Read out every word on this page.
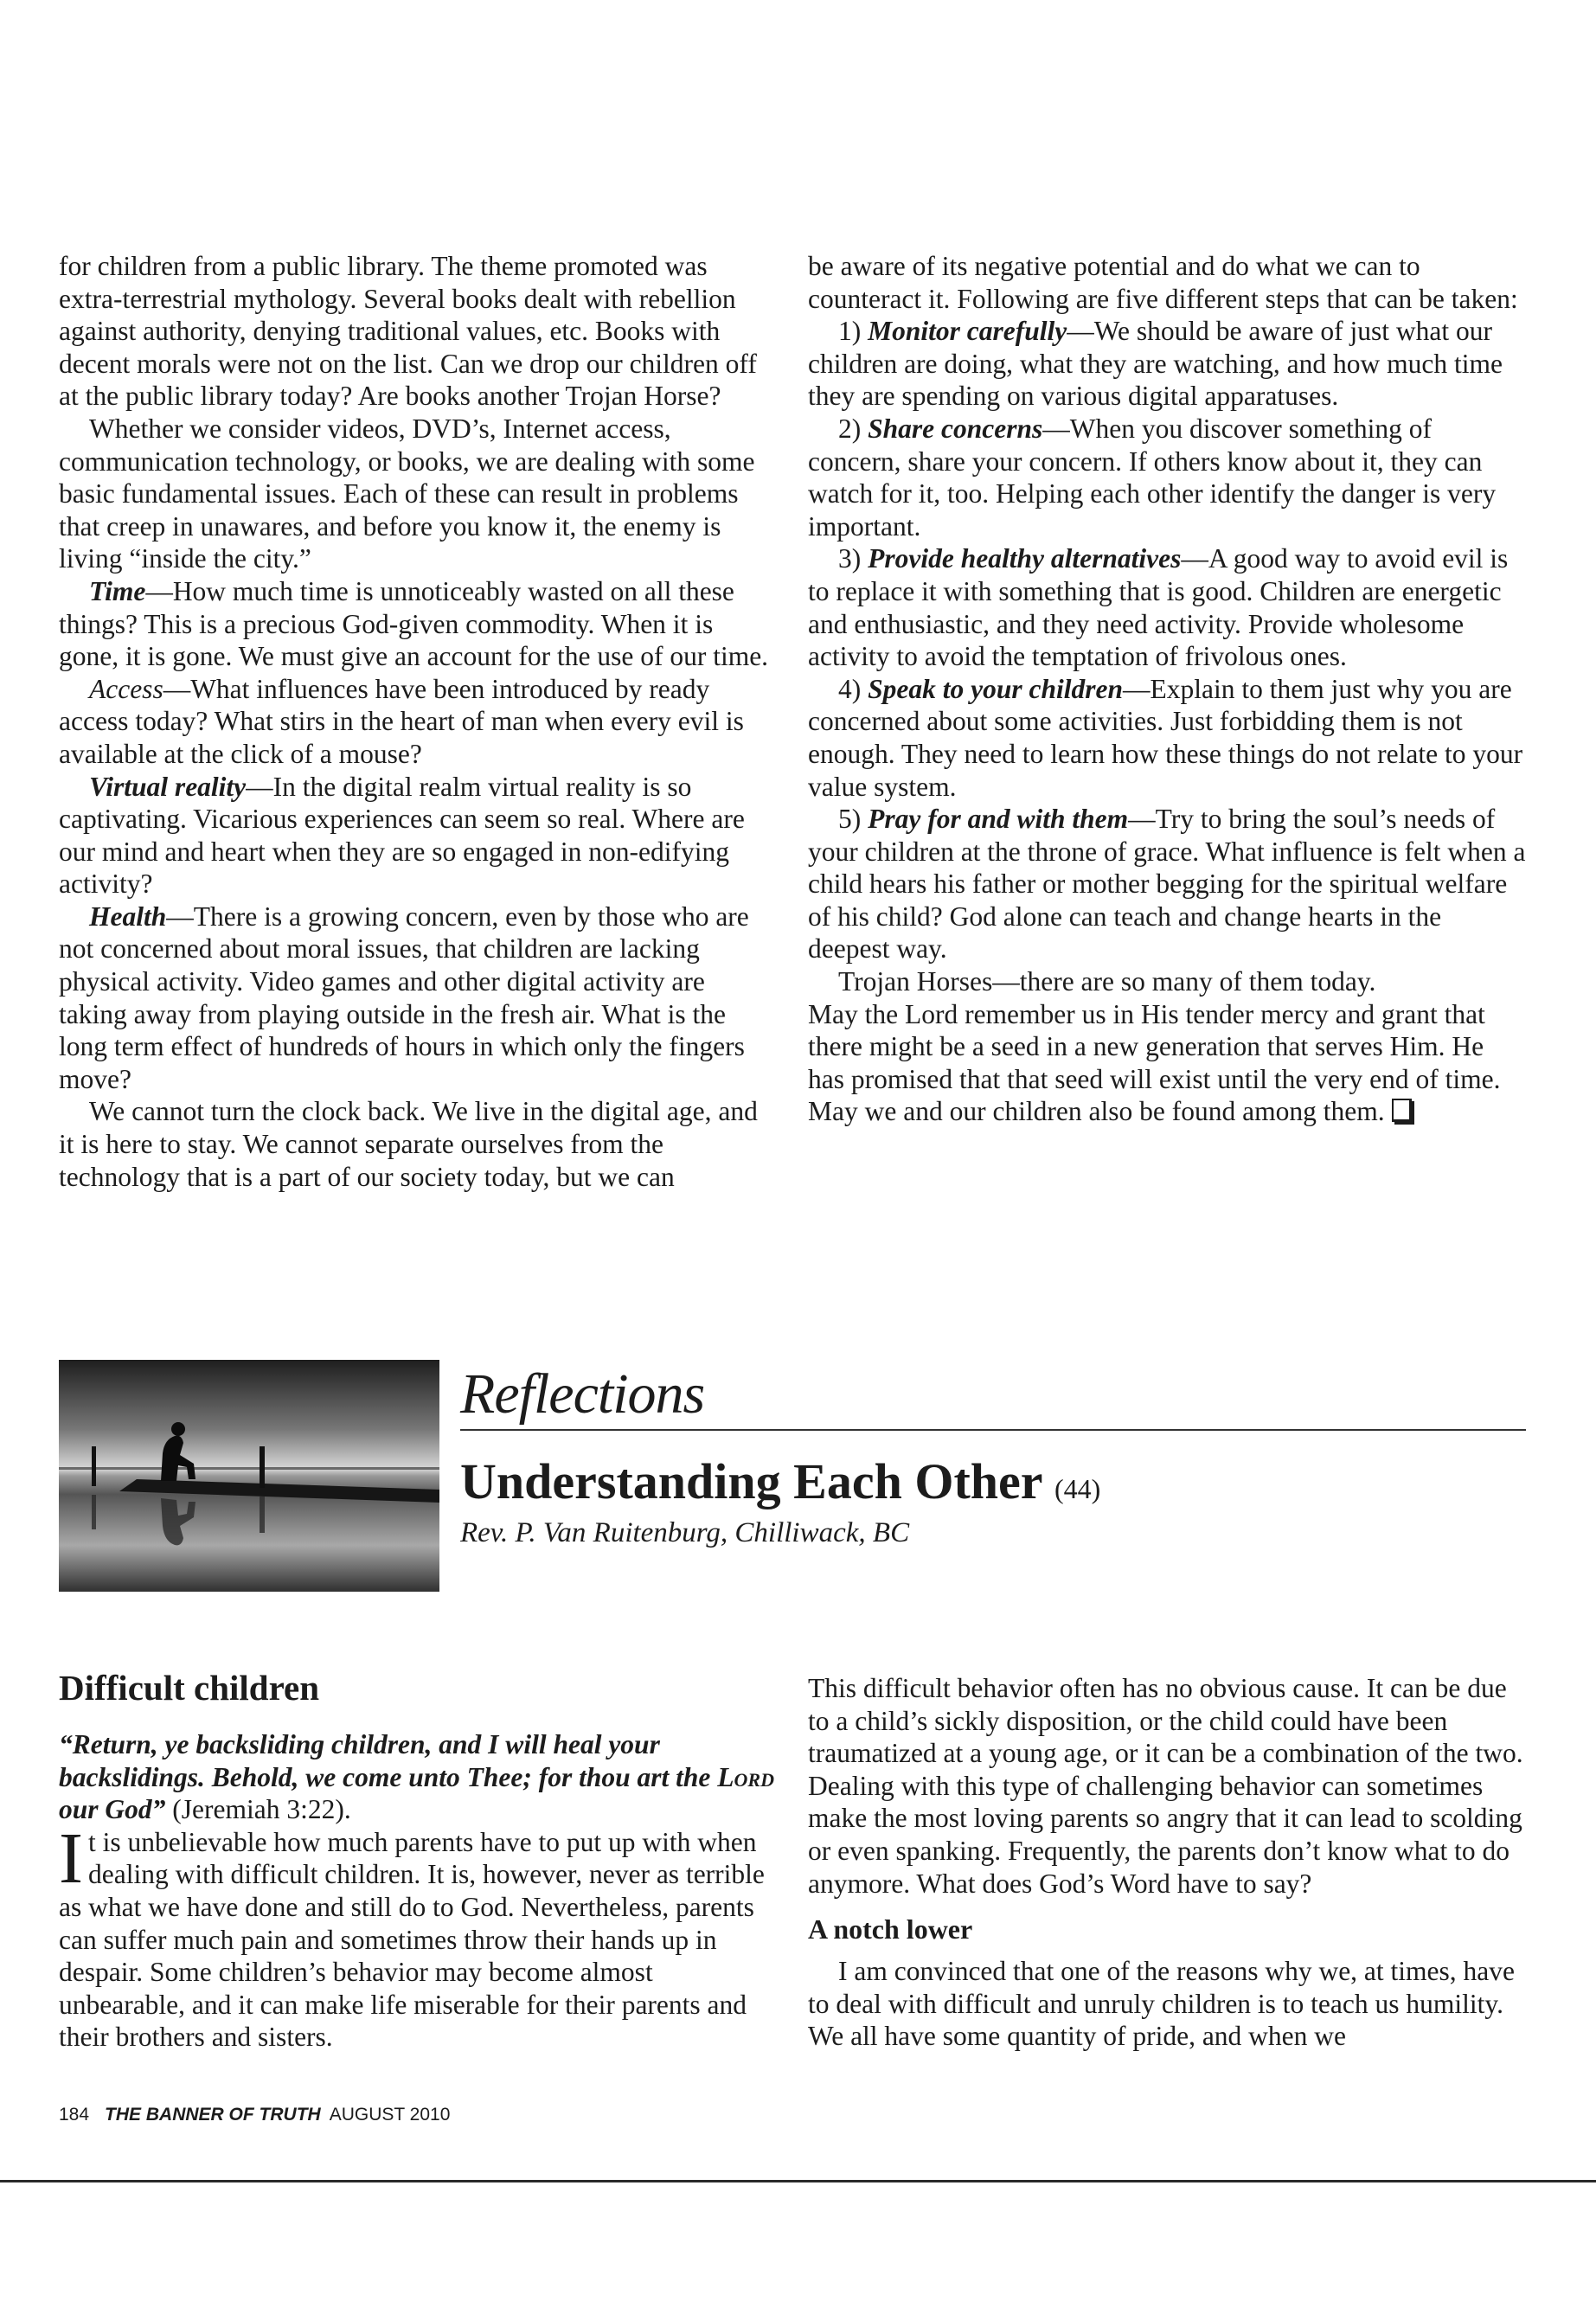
for children from a public library. The theme promoted was extra-terrestrial mythology. Several books dealt with rebellion against authority, denying traditional values, etc. Books with decent morals were not on the list. Can we drop our children off at the public library today? Are books another Trojan Horse?

Whether we consider videos, DVD’s, Internet access, communication technology, or books, we are dealing with some basic fundamental issues. Each of these can result in problems that creep in unawares, and before you know it, the enemy is living “inside the city.”

Time—How much time is unnoticeably wasted on all these things? This is a precious God-given commodity. When it is gone, it is gone. We must give an account for the use of our time.

Access—What influences have been introduced by ready access today? What stirs in the heart of man when every evil is available at the click of a mouse?

Virtual reality—In the digital realm virtual reality is so captivating. Vicarious experiences can seem so real. Where are our mind and heart when they are so engaged in non-edifying activity?

Health—There is a growing concern, even by those who are not concerned about moral issues, that children are lacking physical activity. Video games and other digital activity are taking away from playing outside in the fresh air. What is the long term effect of hundreds of hours in which only the fingers move?

We cannot turn the clock back. We live in the digital age, and it is here to stay. We cannot separate ourselves from the technology that is a part of our society today, but we can

be aware of its negative potential and do what we can to counteract it. Following are five different steps that can be taken:

1) Monitor carefully—We should be aware of just what our children are doing, what they are watching, and how much time they are spending on various digital apparatuses.

2) Share concerns—When you discover something of concern, share your concern. If others know about it, they can watch for it, too. Helping each other identify the danger is very important.

3) Provide healthy alternatives—A good way to avoid evil is to replace it with something that is good. Children are energetic and enthusiastic, and they need activity. Provide wholesome activity to avoid the temptation of frivolous ones.

4) Speak to your children—Explain to them just why you are concerned about some activities. Just forbidding them is not enough. They need to learn how these things do not relate to your value system.

5) Pray for and with them—Try to bring the soul’s needs of your children at the throne of grace. What influence is felt when a child hears his father or mother begging for the spiritual welfare of his child? God alone can teach and change hearts in the deepest way.

Trojan Horses—there are so many of them today.

May the Lord remember us in His tender mercy and grant that there might be a seed in a new generation that serves Him. He has promised that that seed will exist until the very end of time. May we and our children also be found among them.

Reflections
Understanding Each Other (44)

Rev. P. Van Ruitenburg, Chilliwack, BC

Difficult children

“Return, ye backsliding children, and I will heal your backslidings. Behold, we come unto Thee; for thou art the Lord our God” (Jeremiah 3:22).

It is unbelievable how much parents have to put up with when dealing with difficult children. It is, however, never as terrible as what we have done and still do to God. Nevertheless, parents can suffer much pain and sometimes throw their hands up in despair. Some children’s behavior may become almost unbearable, and it can make life miserable for their parents and their brothers and sisters.

This difficult behavior often has no obvious cause. It can be due to a child’s sickly disposition, or the child could have been traumatized at a young age, or it can be a combination of the two. Dealing with this type of challenging behavior can sometimes make the most loving parents so angry that it can lead to scolding or even spanking. Frequently, the parents don’t know what to do anymore. What does God’s Word have to say?

A notch lower

I am convinced that one of the reasons why we, at times, have to deal with difficult and unruly children is to teach us humility. We all have some quantity of pride, and when we

184 THE BANNER OF TRUTH AUGUST 2010
